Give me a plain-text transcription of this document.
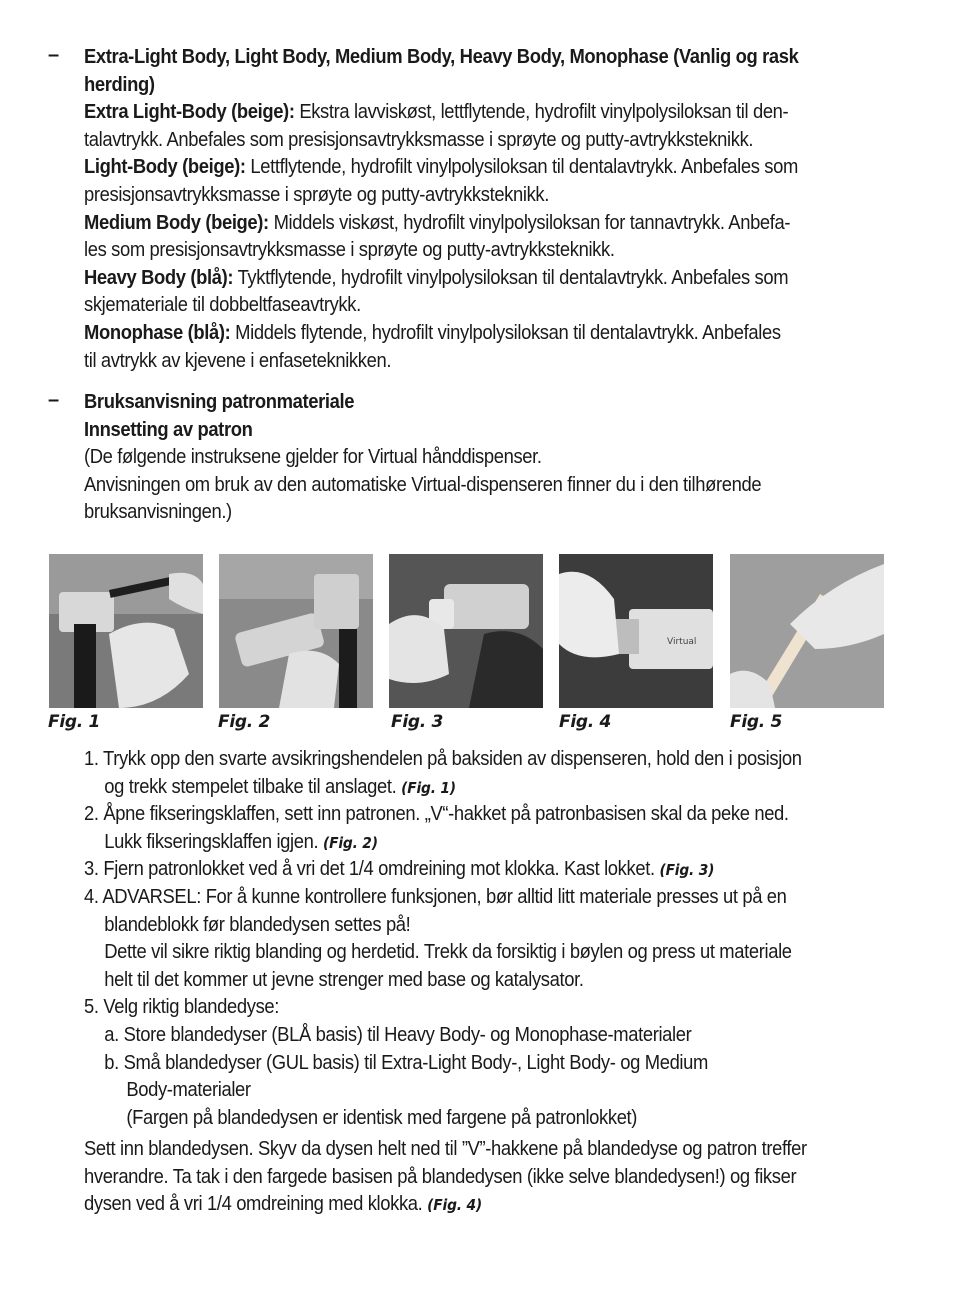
– Extra-Light Body, Light Body, Medium Body, Heavy Body, Monophase (Vanlig og rask
herding)
Extra Light-Body (beige): Ekstra lavviskøst, lettflytende, hydrofilt vinylpolysiloksan til den-
talavtrykk. Anbefales som presisjonsavtrykksmasse i sprøyte og putty-avtrykksteknikk.
Light-Body (beige): Lettflytende, hydrofilt vinylpolysiloksan til dentalavtrykk. Anbefales som
presisjonsavtrykksmasse i sprøyte og putty-avtrykksteknikk.
Medium Body (beige): Middels viskøst, hydrofilt vinylpolysiloksan for tannavtrykk. Anbefa-
les som presisjonsavtrykksmasse i sprøyte og putty-avtrykksteknikk.
Heavy Body (blå): Tyktflytende, hydrofilt vinylpolysiloksan til dentalavtrykk. Anbefales som
skjemateriale til dobbeltfaseavtrykk.
Monophase (blå): Middels flytende, hydrofilt vinylpolysiloksan til dentalavtrykk. Anbefales
til avtrykk av kjevene i enfaseteknikken.
– Bruksanvisning patronmateriale
Innsetting av patron
(De følgende instruksene gjelder for Virtual hånddispenser.
Anvisningen om bruk av den automatiske Virtual-dispenseren finner du i den tilhørende
bruksanvisningen.)
Virtual
Fig. 1	Fig. 2	Fig. 3	Fig. 4	Fig. 5
1. Trykk opp den svarte avsikringshendelen på baksiden av dispenseren, hold den i posisjon
og trekk stempelet tilbake til anslaget. (Fig. 1)
2. Åpne fikseringsklaffen, sett inn patronen. „V“-hakket på patronbasisen skal da peke ned.
Lukk fikseringsklaffen igjen. (Fig. 2)
3. Fjern patronlokket ved å vri det 1/4 omdreining mot klokka. Kast lokket. (Fig. 3)
4. ADVARSEL: For å kunne kontrollere funksjonen, bør alltid litt materiale presses ut på en
blandeblokk før blandedysen settes på!
Dette vil sikre riktig blanding og herdetid. Trekk da forsiktig i bøylen og press ut materiale
helt til det kommer ut jevne strenger med base og katalysator.
5. Velg riktig blandedyse:
a. Store blandedyser (BLÅ basis) til Heavy Body- og Monophase-materialer
b. Små blandedyser (GUL basis) til Extra-Light Body-, Light Body- og Medium
Body-materialer
(Fargen på blandedysen er identisk med fargene på patronlokket)
Sett inn blandedysen. Skyv da dysen helt ned til ”V”-hakkene på blandedyse og patron treffer
hverandre. Ta tak i den fargede basisen på blandedysen (ikke selve blandedysen!) og fikser
dysen ved å vri 1/4 omdreining med klokka. (Fig. 4)
